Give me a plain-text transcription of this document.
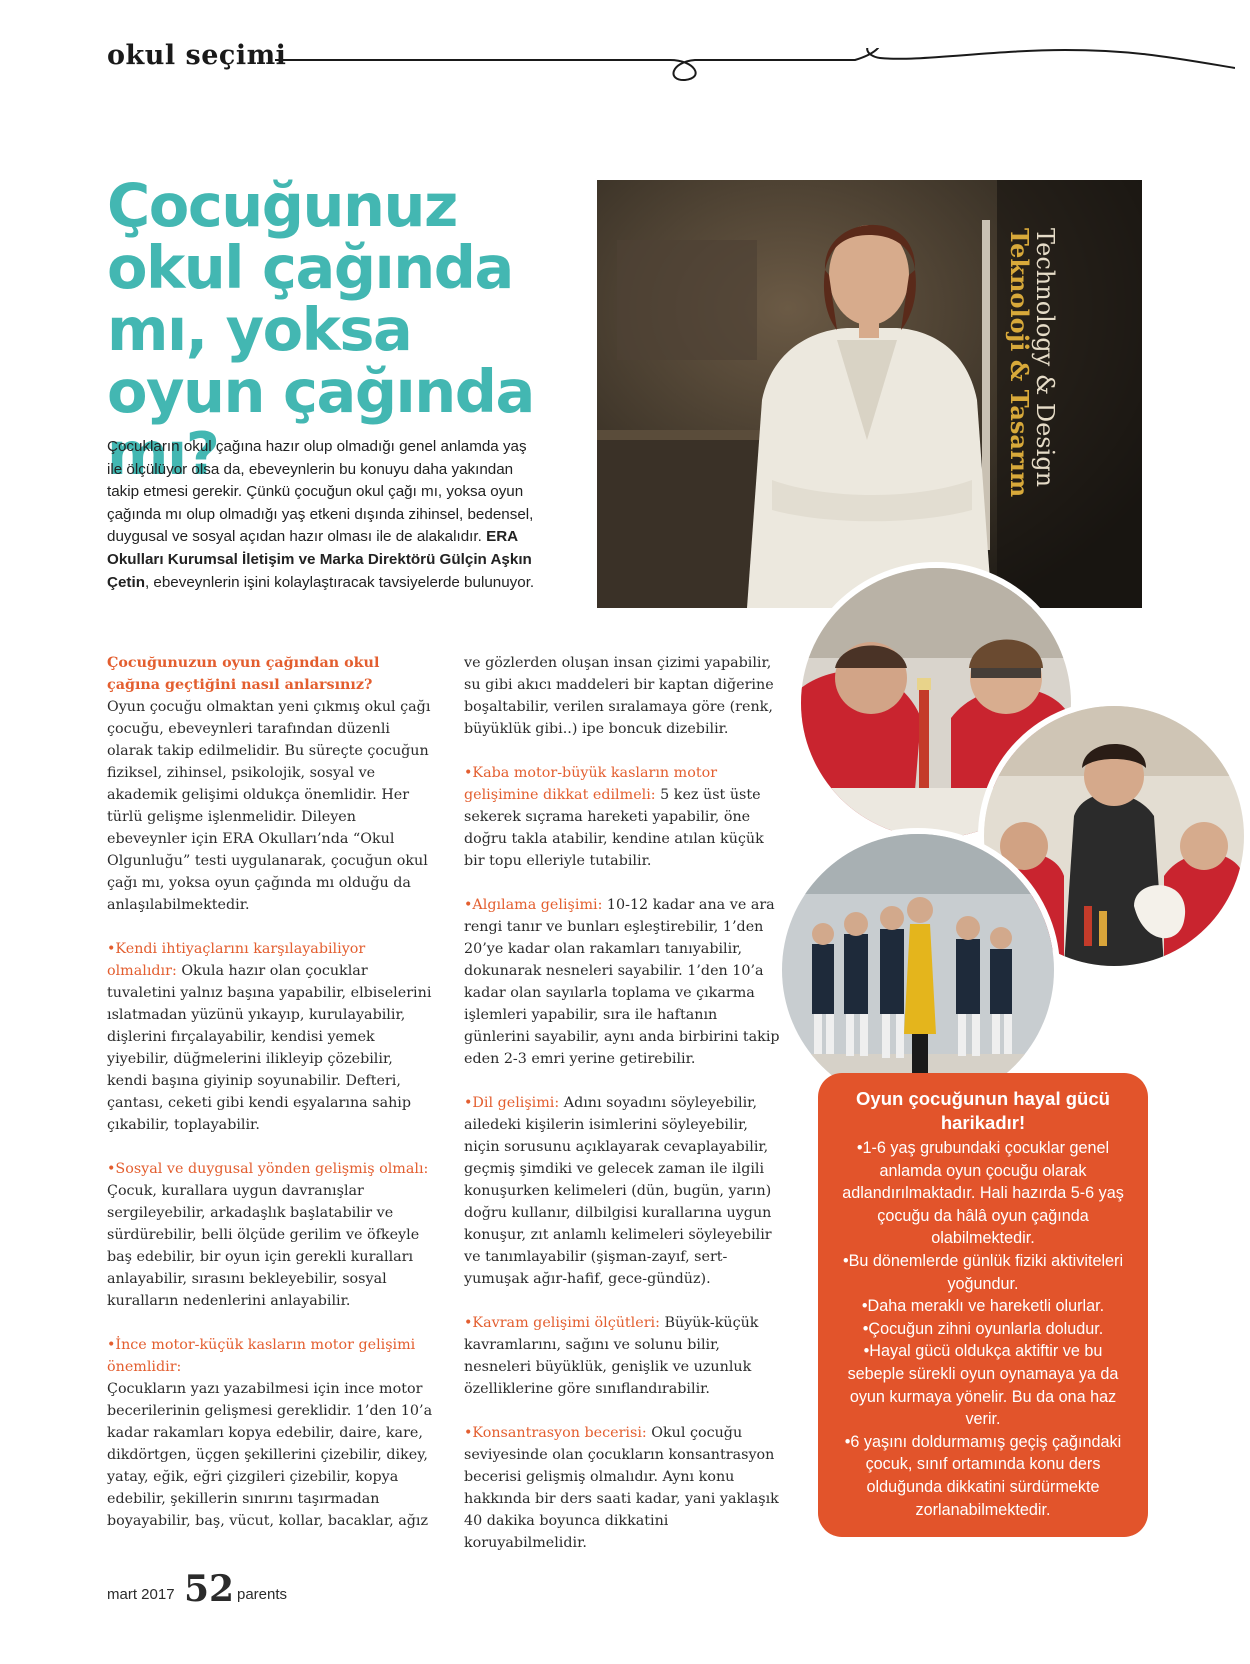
okul seçimi
Çocuğunuz okul çağında mı, yoksa oyun çağında mı?

Çocukların okul çağına hazır olup olmadığı genel anlamda yaş ile ölçülüyor olsa da, ebeveynlerin bu konuyu daha yakından takip etmesi gerekir. Çünkü çocuğun okul çağı mı, yoksa oyun çağında mı olup olmadığı yaş etkeni dışında zihinsel, bedensel, duygusal ve sosyal açıdan hazır olması ile de alakalıdır. ERA Okulları Kurumsal İletişim ve Marka Direktörü Gülçin Aşkın Çetin, ebeveynlerin işini kolaylaştıracak tavsiyelerde bulunuyor.

Technology & Design
Teknoloji & Tasarım

Çocuğunuzun oyun çağından okul çağına geçtiğini nasıl anlarsınız?
Oyun çocuğu olmaktan yeni çıkmış okul çağı çocuğu, ebeveynleri tarafından düzenli olarak takip edilmelidir. Bu süreçte çocuğun fiziksel, zihinsel, psikolojik, sosyal ve akademik gelişimi oldukça önemlidir. Her türlü gelişme işlenmelidir. Dileyen ebeveynler için ERA Okulları’nda “Okul Olgunluğu” testi uygulanarak, çocuğun okul çağı mı, yoksa oyun çağında mı olduğu da anlaşılabilmektedir.

•Kendi ihtiyaçlarını karşılayabiliyor olmalıdır: Okula hazır olan çocuklar tuvaletini yalnız başına yapabilir, elbiselerini ıslatmadan yüzünü yıkayıp, kurulayabilir, dişlerini fırçalayabilir, kendisi yemek yiyebilir, düğmelerini ilikleyip çözebilir, kendi başına giyinip soyunabilir. Defteri, çantası, ceketi gibi kendi eşyalarına sahip çıkabilir, toplayabilir.

•Sosyal ve duygusal yönden gelişmiş olmalı: Çocuk, kurallara uygun davranışlar sergileyebilir, arkadaşlık başlatabilir ve sürdürebilir, belli ölçüde gerilim ve öfkeyle baş edebilir, bir oyun için gerekli kuralları anlayabilir, sırasını bekleyebilir, sosyal kuralların nedenlerini anlayabilir.

•İnce motor-küçük kasların motor gelişimi önemlidir:
Çocukların yazı yazabilmesi için ince motor becerilerinin gelişmesi gereklidir. 1’den 10’a kadar rakamları kopya edebilir, daire, kare, dikdörtgen, üçgen şekillerini çizebilir, dikey, yatay, eğik, eğri çizgileri çizebilir, kopya edebilir, şekillerin sınırını taşırmadan boyayabilir, baş, vücut, kollar, bacaklar, ağız

ve gözlerden oluşan insan çizimi yapabilir, su gibi akıcı maddeleri bir kaptan diğerine boşaltabilir, verilen sıralamaya göre (renk, büyüklük gibi..) ipe boncuk dizebilir.

•Kaba motor-büyük kasların motor gelişimine dikkat edilmeli: 5 kez üst üste sekerek sıçrama hareketi yapabilir, öne doğru takla atabilir, kendine atılan küçük bir topu elleriyle tutabilir.

•Algılama gelişimi: 10-12 kadar ana ve ara rengi tanır ve bunları eşleştirebilir, 1’den 20’ye kadar olan rakamları tanıyabilir, dokunarak nesneleri sayabilir. 1’den 10’a kadar olan sayılarla toplama ve çıkarma işlemleri yapabilir, sıra ile haftanın günlerini sayabilir, aynı anda birbirini takip eden 2-3 emri yerine getirebilir.

•Dil gelişimi: Adını soyadını söyleyebilir, ailedeki kişilerin isimlerini söyleyebilir, niçin sorusunu açıklayarak cevaplayabilir, geçmiş şimdiki ve gelecek zaman ile ilgili konuşurken kelimeleri (dün, bugün, yarın) doğru kullanır, dilbilgisi kurallarına uygun konuşur, zıt anlamlı kelimeleri söyleyebilir ve tanımlayabilir (şişman-zayıf, sert-yumuşak ağır-hafif, gece-gündüz).

•Kavram gelişimi ölçütleri: Büyük-küçük kavramlarını, sağını ve solunu bilir, nesneleri büyüklük, genişlik ve uzunluk özelliklerine göre sınıflandırabilir.

•Konsantrasyon becerisi: Okul çocuğu seviyesinde olan çocukların konsantrasyon becerisi gelişmiş olmalıdır. Aynı konu hakkında bir ders saati kadar, yani yaklaşık 40 dakika boyunca dikkatini koruyabilmelidir.

Oyun çocuğunun hayal gücü harikadır!

•1-6 yaş grubundaki çocuklar genel anlamda oyun çocuğu olarak adlandırılmaktadır. Hali hazırda 5-6 yaş çocuğu da hâlâ oyun çağında olabilmektedir.

•Bu dönemlerde günlük fiziki aktiviteleri yoğundur.

•Daha meraklı ve hareketli olurlar.

•Çocuğun zihni oyunlarla doludur.

•Hayal gücü oldukça aktiftir ve bu sebeple sürekli oyun oynamaya ya da oyun kurmaya yönelir. Bu da ona haz verir.

•6 yaşını doldurmamış geçiş çağındaki çocuk, sınıf ortamında konu ders olduğunda dikkatini sürdürmekte zorlanabilmektedir.

mart 2017 52 parents
